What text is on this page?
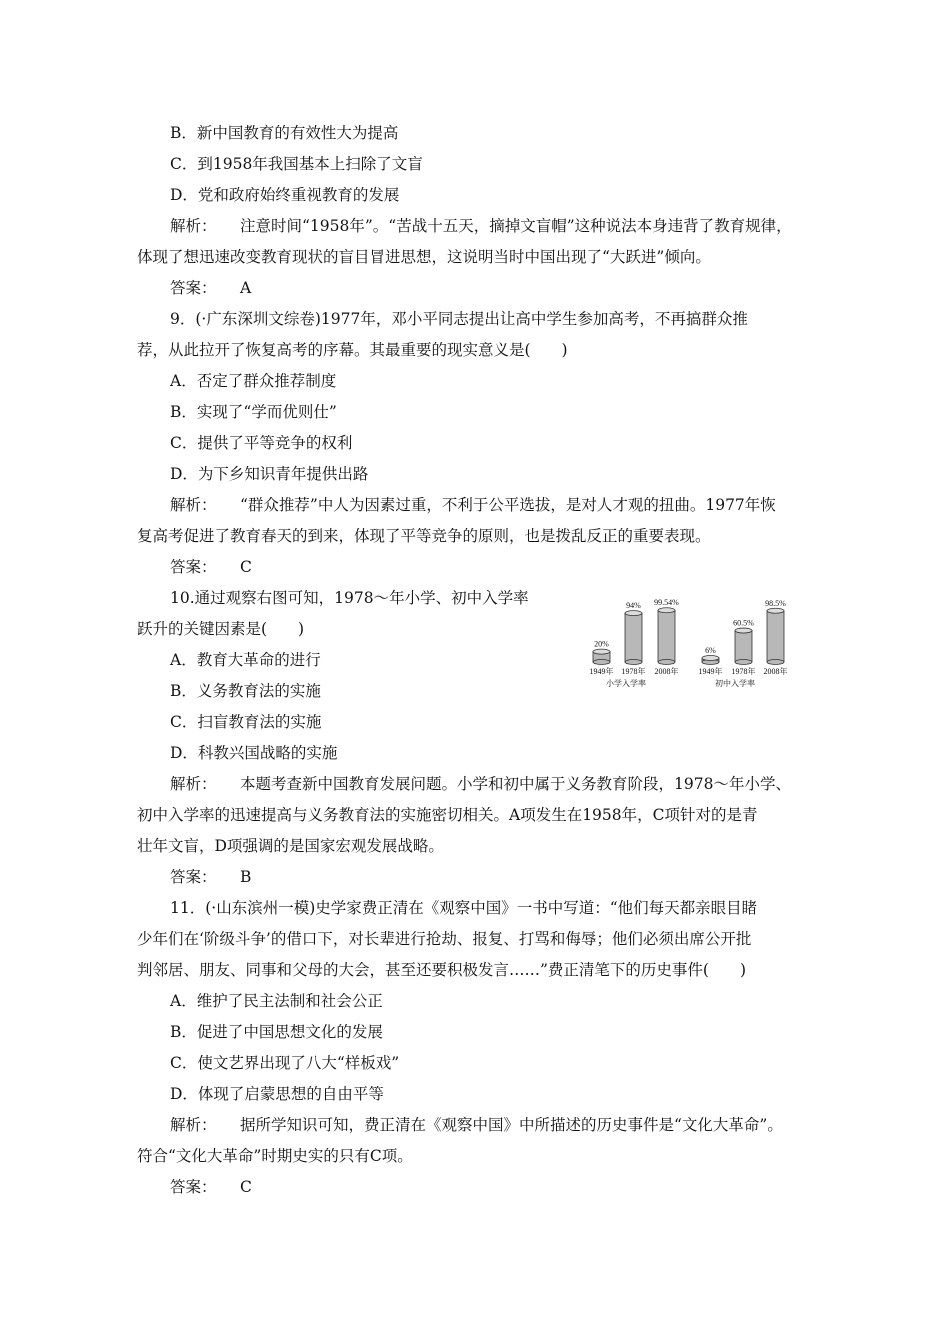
B．新中国教育的有效性大为提高
C．到1958年我国基本上扫除了文盲
D．党和政府始终重视教育的发展
解析： 注意时间“1958年”。“苦战十五天，摘掉文盲帽”这种说法本身违背了教育规律，
体现了想迅速改变教育现状的盲目冒进思想，这说明当时中国出现了“大跃进”倾向。
答案： A
9．(·广东深圳文综卷)1977年，邓小平同志提出让高中学生参加高考，不再搞群众推
荐，从此拉开了恢复高考的序幕。其最重要的现实意义是(　　)
A．否定了群众推荐制度
B．实现了“学而优则仕”
C．提供了平等竞争的权利
D．为下乡知识青年提供出路
解析： “群众推荐”中人为因素过重，不利于公平选拔，是对人才观的扭曲。1977年恢
复高考促进了教育春天的到来，体现了平等竞争的原则，也是拨乱反正的重要表现。
答案： C
10.通过观察右图可知，1978～年小学、初中入学率
跃升的关键因素是(　　)
A．教育大革命的进行
B．义务教育法的实施
C．扫盲教育法的实施
D．科教兴国战略的实施
解析： 本题考查新中国教育发展问题。小学和初中属于义务教育阶段，1978～年小学、
初中入学率的迅速提高与义务教育法的实施密切相关。A项发生在1958年，C项针对的是青
壮年文盲，D项强调的是国家宏观发展战略。
答案： B
20%
1949年
94%
1978年
99.54%
2008年
小学入学率
6%
1949年
60.5%
1978年
98.5%
2008年
初中入学率
11．(·山东滨州一模)史学家费正清在《观察中国》一书中写道：“他们每天都亲眼目睹
少年们在‘阶级斗争’的借口下，对长辈进行抢劫、报复、打骂和侮辱；他们必须出席公开批
判邻居、朋友、同事和父母的大会，甚至还要积极发言……”费正清笔下的历史事件(　　)
A．维护了民主法制和社会公正
B．促进了中国思想文化的发展
C．使文艺界出现了八大“样板戏”
D．体现了启蒙思想的自由平等
解析： 据所学知识可知，费正清在《观察中国》中所描述的历史事件是“文化大革命”。
符合“文化大革命”时期史实的只有C项。
答案： C
